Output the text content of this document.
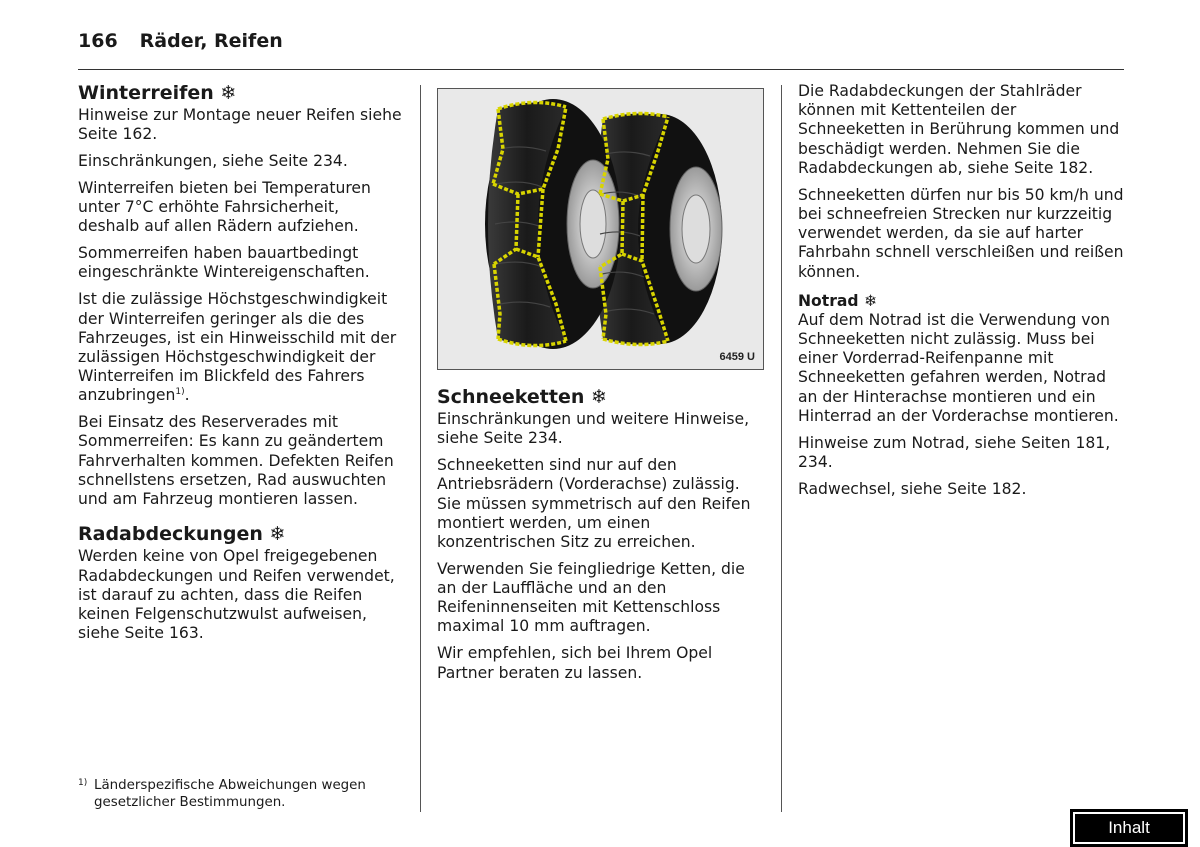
166 Räder, Reifen
Winterreifen ❄

Hinweise zur Montage neuer Reifen siehe Seite 162.

Einschränkungen, siehe Seite 234.

Winterreifen bieten bei Temperaturen unter 7°C erhöhte Fahrsicherheit, deshalb auf allen Rädern aufziehen.

Sommerreifen haben bauartbedingt eingeschränkte Wintereigenschaften.

Ist die zulässige Höchstgeschwindigkeit der Winterreifen geringer als die des Fahrzeuges, ist ein Hinweisschild mit der zulässigen Höchstgeschwindigkeit der Winterreifen im Blickfeld des Fahrers anzubringen$^{1)}$.

Bei Einsatz des Reserverades mit Sommerreifen: Es kann zu geändertem Fahrverhalten kommen. Defekten Reifen schnellstens ersetzen, Rad auswuchten und am Fahrzeug montieren lassen.

Radabdeckungen ❄

Werden keine von Opel freigegebenen Radabdeckungen und Reifen verwendet, ist darauf zu achten, dass die Reifen keinen Felgenschutzwulst aufweisen, siehe Seite 163.

1) Länderspezifische Abweichungen wegen gesetzlicher Bestimmungen.
6459 U
Schneeketten ❄

Einschränkungen und weitere Hinweise, siehe Seite 234.

Schneeketten sind nur auf den Antriebsrädern (Vorderachse) zulässig. Sie müssen symmetrisch auf den Reifen montiert werden, um einen konzentrischen Sitz zu erreichen.

Verwenden Sie feingliedrige Ketten, die an der Lauffläche und an den Reifeninnenseiten mit Kettenschloss maximal 10 mm auftragen.

Wir empfehlen, sich bei Ihrem Opel Partner beraten zu lassen.

Die Radabdeckungen der Stahlräder können mit Kettenteilen der Schneeketten in Berührung kommen und beschädigt werden. Nehmen Sie die Radabdeckungen ab, siehe Seite 182.

Schneeketten dürfen nur bis 50 km/h und bei schneefreien Strecken nur kurzzeitig verwendet werden, da sie auf harter Fahrbahn schnell verschleißen und reißen können.

Notrad ❄

Auf dem Notrad ist die Verwendung von Schneeketten nicht zulässig. Muss bei einer Vorderrad-Reifenpanne mit Schneeketten gefahren werden, Notrad an der Hinterachse montieren und ein Hinterrad an der Vorderachse montieren.

Hinweise zum Notrad, siehe Seiten 181, 234.

Radwechsel, siehe Seite 182.

Inhalt
